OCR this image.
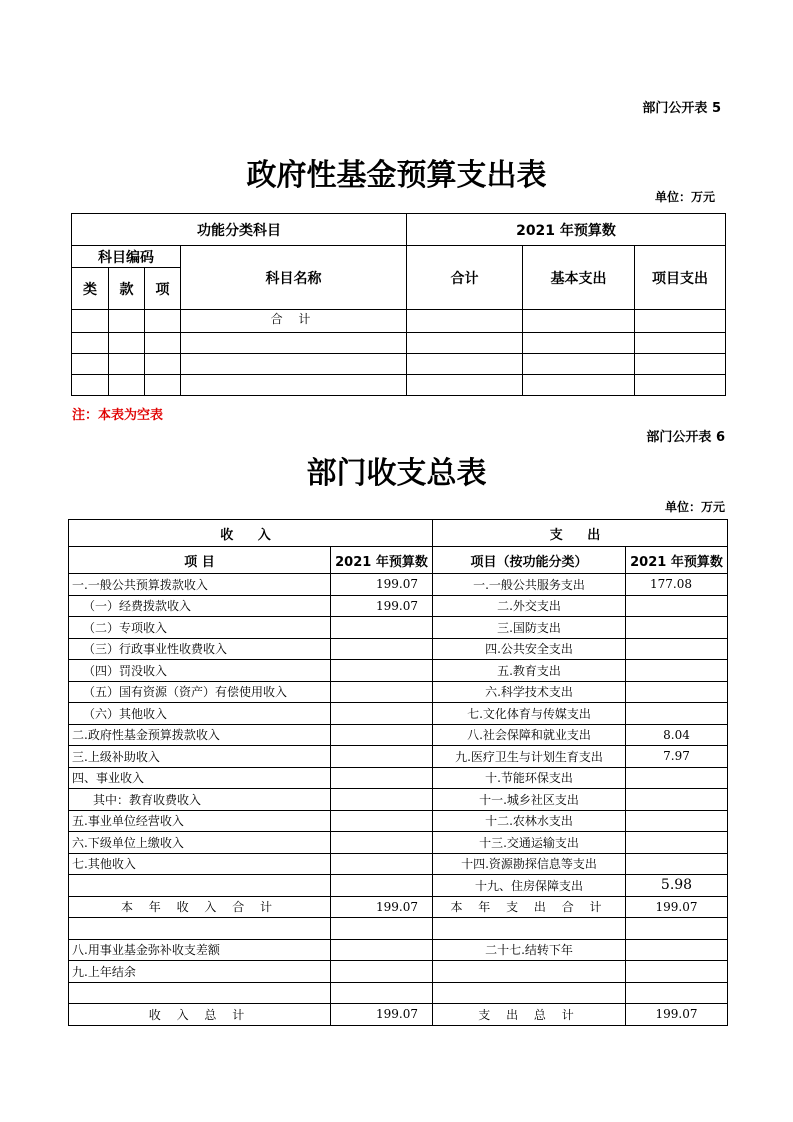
部门公开表 5
政府性基金预算支出表
单位：万元
功能分类科目				2021 年预算数		
科目编码			科目名称	合计	基本支出	项目支出
类	款	项				
			合 计			

注：本表为空表
部门公开表 6
部门收支总表
单位：万元
收 入		支 出	
项 目	2021 年预算数	项目（按功能分类）	2021 年预算数
一.一般公共预算拨款收入	199.07	一.一般公共服务支出	177.08
（一）经费拨款收入	199.07	二.外交支出	
（二）专项收入		三.国防支出	
（三）行政事业性收费收入		四.公共安全支出	
（四）罚没收入		五.教育支出	
（五）国有资源（资产）有偿使用收入		六.科学技术支出	
（六）其他收入		七.文化体育与传媒支出	
二.政府性基金预算拨款收入		八.社会保障和就业支出	8.04
三.上级补助收入		九.医疗卫生与计划生育支出	7.97
四、事业收入		十.节能环保支出	
其中：教育收费收入		十一.城乡社区支出	
五.事业单位经营收入		十二.农林水支出	
六.下级单位上缴收入		十三.交通运输支出	
七.其他收入		十四.资源勘探信息等支出	
		十九、住房保障支出	5.98
本 年 收 入 合 计	199.07	本 年 支 出 合 计	199.07

八.用事业基金弥补收支差额		二十七.结转下年	
九.上年结余			

收 入 总 计	199.07	支 出 总 计	199.07
